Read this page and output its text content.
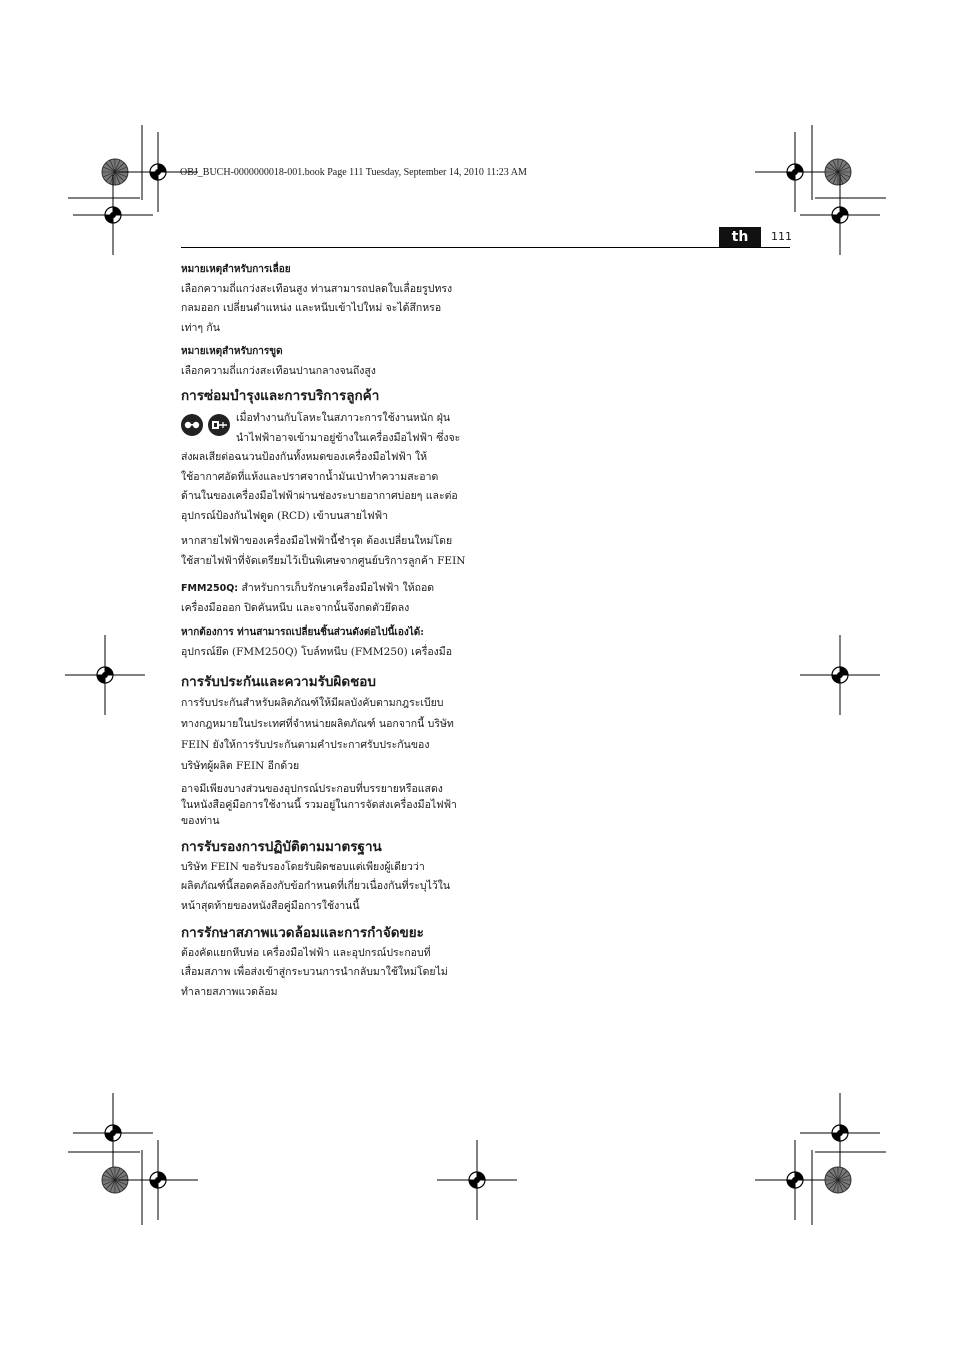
OBJ_BUCH-0000000018-001.book Page 111 Tuesday, September 14, 2010 11:23 AM
th	111
หมายเหตุสำหรับการเลื่อย
เลือกความถี่แกว่งสะเทือนสูง ท่านสามารถปลดใบเลื่อยรูปทรง
กลมออก เปลี่ยนตำแหน่ง และหนีบเข้าไปใหม่ จะได้สึกหรอ
เท่าๆ กัน
หมายเหตุสำหรับการขูด
เลือกความถี่แกว่งสะเทือนปานกลางจนถึงสูง
การซ่อมบำรุงและการบริการลูกค้า
เมื่อทำงานกับโลหะในสภาวะการใช้งานหนัก ฝุ่น
นำไฟฟ้าอาจเข้ามาอยู่ข้างในเครื่องมือไฟฟ้า ซึ่งจะ
ส่งผลเสียต่อฉนวนป้องกันทั้งหมดของเครื่องมือไฟฟ้า ให้
ใช้อากาศอัดที่แห้งและปราศจากน้ำมันเป่าทำความสะอาด
ด้านในของเครื่องมือไฟฟ้าผ่านช่องระบายอากาศบ่อยๆ และต่อ
อุปกรณ์ป้องกันไฟดูด (RCD) เข้าบนสายไฟฟ้า
หากสายไฟฟ้าของเครื่องมือไฟฟ้านี้ชำรุด ต้องเปลี่ยนใหม่โดย
ใช้สายไฟฟ้าที่จัดเตรียมไว้เป็นพิเศษจากศูนย์บริการลูกค้า FEIN
FMM250Q: สำหรับการเก็บรักษาเครื่องมือไฟฟ้า ให้ถอด
เครื่องมือออก ปิดคันหนีบ และจากนั้นจึงกดตัวยึดลง
หากต้องการ ท่านสามารถเปลี่ยนชิ้นส่วนดังต่อไปนี้เองได้:
อุปกรณ์ยึด (FMM250Q) โบล์ทหนีบ (FMM250) เครื่องมือ
การรับประกันและความรับผิดชอบ
การรับประกันสำหรับผลิตภัณฑ์ให้มีผลบังคับตามกฎระเบียบ
ทางกฎหมายในประเทศที่จำหน่ายผลิตภัณฑ์ นอกจากนี้ บริษัท
FEIN ยังให้การรับประกันตามคำประกาศรับประกันของ
บริษัทผู้ผลิต FEIN อีกด้วย
อาจมีเพียงบางส่วนของอุปกรณ์ประกอบที่บรรยายหรือแสดง
ในหนังสือคู่มือการใช้งานนี้ รวมอยู่ในการจัดส่งเครื่องมือไฟฟ้า
ของท่าน
การรับรองการปฏิบัติตามมาตรฐาน
บริษัท FEIN ขอรับรองโดยรับผิดชอบแต่เพียงผู้เดียวว่า
ผลิตภัณฑ์นี้สอดคล้องกับข้อกำหนดที่เกี่ยวเนื่องกันที่ระบุไว้ใน
หน้าสุดท้ายของหนังสือคู่มือการใช้งานนี้
การรักษาสภาพแวดล้อมและการกำจัดขยะ
ต้องคัดแยกหีบห่อ เครื่องมือไฟฟ้า และอุปกรณ์ประกอบที่
เสื่อมสภาพ เพื่อส่งเข้าสู่กระบวนการนำกลับมาใช้ใหม่โดยไม่
ทำลายสภาพแวดล้อม
